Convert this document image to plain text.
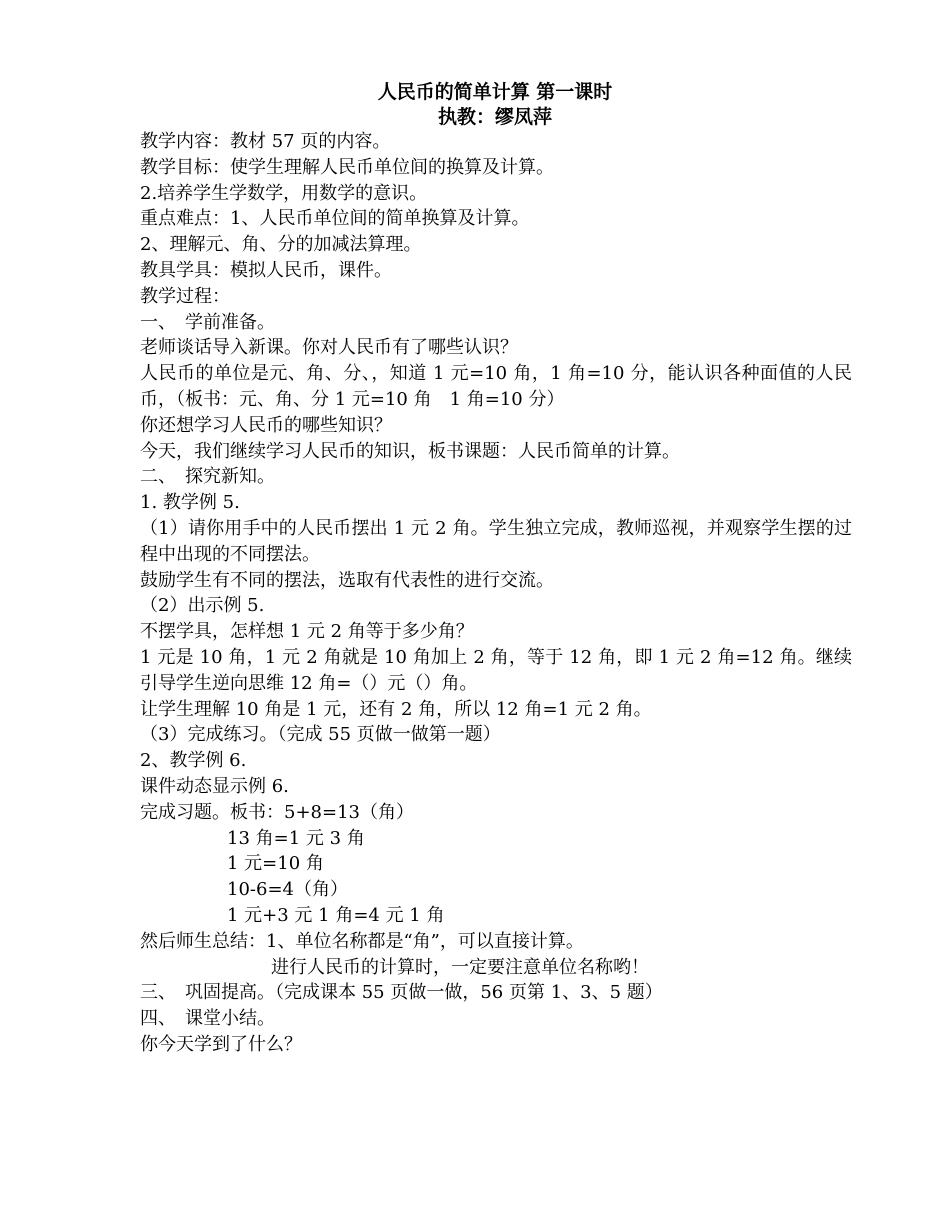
人民币的简单计算 第一课时
执教：缪凤萍
教学内容：教材 57 页的内容。
教学目标：使学生理解人民币单位间的换算及计算。
2.培养学生学数学，用数学的意识。
重点难点：1、人民币单位间的简单换算及计算。
2、理解元、角、分的加减法算理。
教具学具：模拟人民币，课件。
教学过程：
一、　学前准备。
老师谈话导入新课。你对人民币有了哪些认识？
人民币的单位是元、角、分、，知道 1 元=10 角，1 角=10 分，能认识各种面值的人民币，（板书：元、角、分 1 元=10 角　1 角=10 分）
你还想学习人民币的哪些知识？
今天，我们继续学习人民币的知识，板书课题：人民币简单的计算。
二、　探究新知。
1. 教学例 5.
（1）请你用手中的人民币摆出 1 元 2 角。学生独立完成，教师巡视，并观察学生摆的过程中出现的不同摆法。
鼓励学生有不同的摆法，选取有代表性的进行交流。
（2）出示例 5.
不摆学具，怎样想 1 元 2 角等于多少角？
1 元是 10 角，1 元 2 角就是 10 角加上 2 角，等于 12 角，即 1 元 2 角=12 角。继续引导学生逆向思维 12 角=（）元（）角。
让学生理解 10 角是 1 元，还有 2 角，所以 12 角=1 元 2 角。
（3）完成练习。（完成 55 页做一做第一题）
2、教学例 6.
课件动态显示例 6.
完成习题。板书：5+8=13（角）
13 角=1 元 3 角
1 元=10 角
10-6=4（角）
1 元+3 元 1 角=4 元 1 角
然后师生总结：1、单位名称都是“角”，可以直接计算。
进行人民币的计算时，一定要注意单位名称哟！
三、　巩固提高。（完成课本 55 页做一做，56 页第 1、3、5 题）
四、　课堂小结。
你今天学到了什么？
